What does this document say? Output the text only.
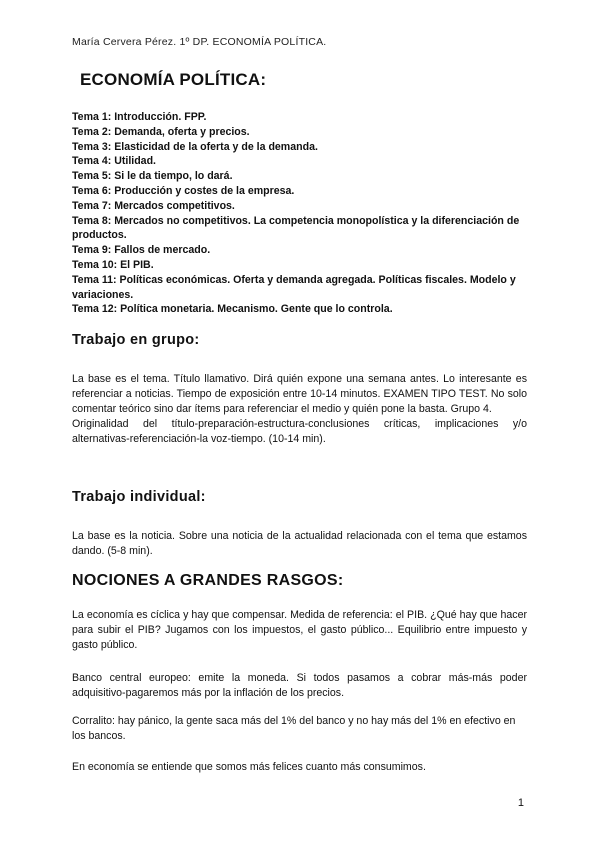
María Cervera Pérez. 1º DP. ECONOMÍA POLÍTICA.
ECONOMÍA POLÍTICA:
Tema 1: Introducción. FPP.
Tema 2: Demanda, oferta y precios.
Tema 3: Elasticidad de la oferta y de la demanda.
Tema 4: Utilidad.
Tema 5: Si le da tiempo, lo dará.
Tema 6: Producción y costes de la empresa.
Tema 7: Mercados competitivos.
Tema 8: Mercados no competitivos. La competencia monopolística y la diferenciación de productos.
Tema 9: Fallos de mercado.
Tema 10: El PIB.
Tema 11: Políticas económicas. Oferta y demanda agregada. Políticas fiscales. Modelo y variaciones.
Tema 12: Política monetaria. Mecanismo. Gente que lo controla.
Trabajo en grupo:

La base es el tema. Título llamativo. Dirá quién expone una semana antes. Lo interesante es referenciar a noticias. Tiempo de exposición entre 10-14 minutos. EXAMEN TIPO TEST. No solo comentar teórico sino dar ítems para referenciar el medio y quién pone la basta. Grupo 4.

Originalidad del título-preparación-estructura-conclusiones críticas, implicaciones y/o alternativas-referenciación-la voz-tiempo. (10-14 min).

Trabajo individual:

La base es la noticia. Sobre una noticia de la actualidad relacionada con el tema que estamos dando. (5-8 min).

NOCIONES A GRANDES RASGOS:

La economía es cíclica y hay que compensar. Medida de referencia: el PIB. ¿Qué hay que hacer para subir el PIB? Jugamos con los impuestos, el gasto público... Equilibrio entre impuesto y gasto público.

Banco central europeo: emite la moneda. Si todos pasamos a cobrar más-más poder adquisitivo-pagaremos más por la inflación de los precios.

Corralito: hay pánico, la gente saca más del 1% del banco y no hay más del 1% en efectivo en los bancos.

En economía se entiende que somos más felices cuanto más consumimos.

1
